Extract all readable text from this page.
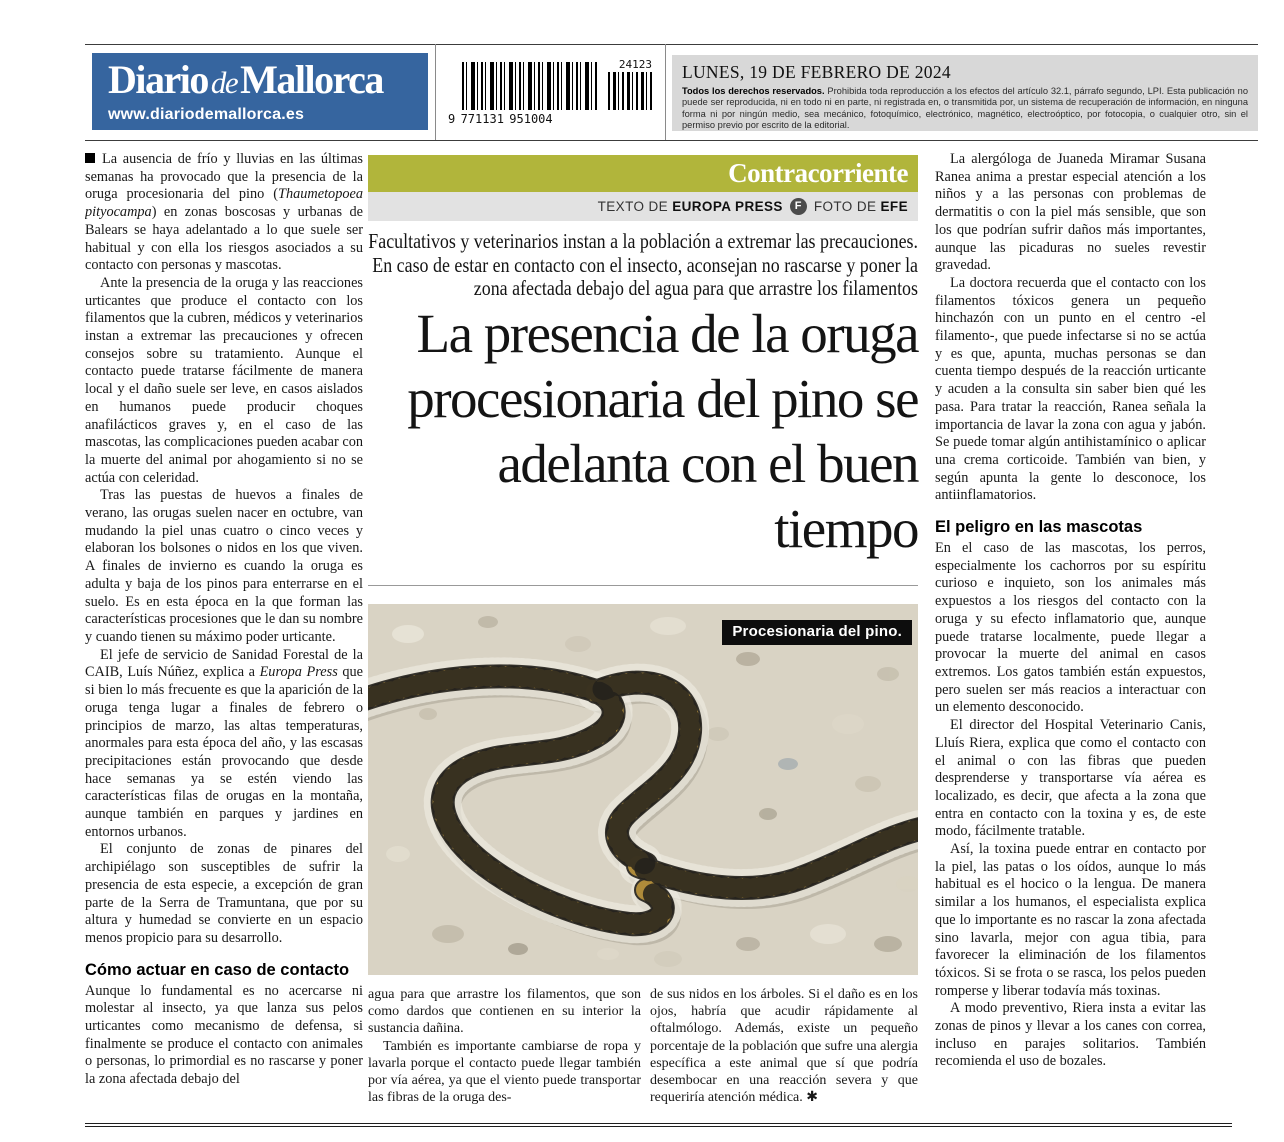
DiariodeMallorca
www.diariodemallorca.es
24123
9 771131 951004

LUNES, 19 DE FEBRERO DE 2024

Todos los derechos reservados. Prohibida toda reproducción a los efectos del artículo 32.1, párrafo segundo, LPI. Esta publicación no puede ser reproducida, ni en todo ni en parte, ni registrada en, o transmitida por, un sistema de recuperación de información, en ninguna forma ni por ningún medio, sea mecánico, fotoquímico, electrónico, magnético, electroóptico, por fotocopia, o cualquier otro, sin el permiso previo por escrito de la editorial.

Contracorriente
TEXTO DE
EUROPA PRESS	F FOTO DE
EFE
Facultativos y veterinarios instan a la población a extremar las precauciones. En caso de estar en contacto con el insecto, aconsejan no rascarse y poner la zona afectada debajo del agua para que arrastre los filamentos
La presencia de la oruga procesionaria del pino se adelanta con el buen tiempo
Procesionaria del pino.

La ausencia de frío y lluvias en las últimas semanas ha provocado que la presencia de la oruga procesionaria del pino (Thaumetopoea pityocampa) en zonas boscosas y urbanas de Balears se haya adelantado a lo que suele ser habitual y con ella los riesgos asociados a su contacto con personas y mascotas.

Ante la presencia de la oruga y las reacciones urticantes que produce el contacto con los filamentos que la cubren, médicos y veterinarios instan a extremar las precauciones y ofrecen consejos sobre su tratamiento. Aunque el contacto puede tratarse fácilmente de manera local y el daño suele ser leve, en casos aislados en humanos puede producir choques anafilácticos graves y, en el caso de las mascotas, las complicaciones pueden acabar con la muerte del animal por ahogamiento si no se actúa con celeridad.

Tras las puestas de huevos a finales de verano, las orugas suelen nacer en octubre, van mudando la piel unas cuatro o cinco veces y elaboran los bolsones o nidos en los que viven. A finales de invierno es cuando la oruga es adulta y baja de los pinos para enterrarse en el suelo. Es en esta época en la que forman las características procesiones que le dan su nombre y cuando tienen su máximo poder urticante.

El jefe de servicio de Sanidad Forestal de la CAIB, Luís Núñez, explica a Europa Press que si bien lo más frecuente es que la aparición de la oruga tenga lugar a finales de febrero o principios de marzo, las altas temperaturas, anormales para esta época del año, y las escasas precipitaciones están provocando que desde hace semanas ya se estén viendo las características filas de orugas en la montaña, aunque también en parques y jardines en entornos urbanos.

El conjunto de zonas de pinares del archipiélago son susceptibles de sufrir la presencia de esta especie, a excepción de gran parte de la Serra de Tramuntana, que por su altura y humedad se convierte en un espacio menos propicio para su desarrollo.

Cómo actuar en caso de contacto

Aunque lo fundamental es no acercarse ni molestar al insecto, ya que lanza sus pelos urticantes como mecanismo de defensa, si finalmente se produce el contacto con animales o personas, lo primordial es no rascarse y poner la zona afectada debajo del

agua para que arrastre los filamentos, que son como dardos que contienen en su interior la sustancia dañina.

También es importante cambiarse de ropa y lavarla porque el contacto puede llegar también por vía aérea, ya que el viento puede transportar las fibras de la oruga des-

de sus nidos en los árboles. Si el daño es en los ojos, habría que acudir rápidamente al oftalmólogo. Además, existe un pequeño porcentaje de la población que sufre una alergia específica a este animal que sí que podría desembocar en una reacción severa y que requeriría atención médica. ✱

La alergóloga de Juaneda Miramar Susana Ranea anima a prestar especial atención a los niños y a las personas con problemas de dermatitis o con la piel más sensible, que son los que podrían sufrir daños más importantes, aunque las picaduras no sueles revestir gravedad.

La doctora recuerda que el contacto con los filamentos tóxicos genera un pequeño hinchazón con un punto en el centro -el filamento-, que puede infectarse si no se actúa y es que, apunta, muchas personas se dan cuenta tiempo después de la reacción urticante y acuden a la consulta sin saber bien qué les pasa. Para tratar la reacción, Ranea señala la importancia de lavar la zona con agua y jabón. Se puede tomar algún antihistamínico o aplicar una crema corticoide. También van bien, y según apunta la gente lo desconoce, los antiinflamatorios.

El peligro en las mascotas

En el caso de las mascotas, los perros, especialmente los cachorros por su espíritu curioso e inquieto, son los animales más expuestos a los riesgos del contacto con la oruga y su efecto inflamatorio que, aunque puede tratarse localmente, puede llegar a provocar la muerte del animal en casos extremos. Los gatos también están expuestos, pero suelen ser más reacios a interactuar con un elemento desconocido.

El director del Hospital Veterinario Canis, Lluís Riera, explica que como el contacto con el animal o con las fibras que pueden desprenderse y transportarse vía aérea es localizado, es decir, que afecta a la zona que entra en contacto con la toxina y es, de este modo, fácilmente tratable.

Así, la toxina puede entrar en contacto por la piel, las patas o los oídos, aunque lo más habitual es el hocico o la lengua. De manera similar a los humanos, el especialista explica que lo importante es no rascar la zona afectada sino lavarla, mejor con agua tibia, para favorecer la eliminación de los filamentos tóxicos. Si se frota o se rasca, los pelos pueden romperse y liberar todavía más toxinas.

A modo preventivo, Riera insta a evitar las zonas de pinos y llevar a los canes con correa, incluso en parajes solitarios. También recomienda el uso de bozales.
